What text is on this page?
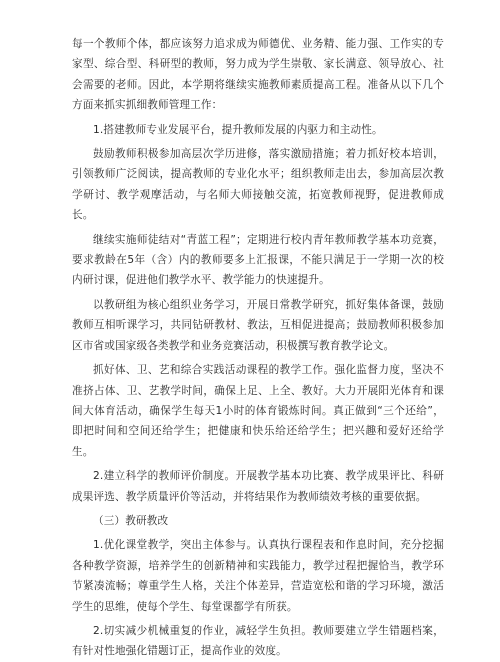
每一个教师个体，都应该努力追求成为师德优、业务精、能力强、工作实的专家型、综合型、科研型的教师，努力成为学生崇敬、家长满意、领导放心、社会需要的老师。因此，本学期将继续实施教师素质提高工程。准备从以下几个方面来抓实抓细教师管理工作：

1.搭建教师专业发展平台，提升教师发展的内驱力和主动性。

鼓励教师积极参加高层次学历进修，落实激励措施；着力抓好校本培训，引领教师广泛阅读，提高教师的专业化水平；组织教师走出去，参加高层次教学研讨、教学观摩活动，与名师大师接触交流，拓宽教师视野，促进教师成长。

继续实施师徒结对“青蓝工程”；定期进行校内青年教师教学基本功竞赛，要求教龄在5年（含）内的教师要多上汇报课，不能只满足于一学期一次的校内研讨课，促进他们教学水平、教学能力的快速提升。

以教研组为核心组织业务学习，开展日常教学研究，抓好集体备课，鼓励教师互相听课学习，共同钻研教材、教法，互相促进提高；鼓励教师积极参加区市省或国家级各类教学和业务竞赛活动，积极撰写教育教学论文。

抓好体、卫、艺和综合实践活动课程的教学工作。强化监督力度，坚决不准挤占体、卫、艺教学时间，确保上足、上全、教好。大力开展阳光体育和课间大体育活动，确保学生每天1小时的体育锻炼时间。真正做到“三个还给”，即把时间和空间还给学生；把健康和快乐给还给学生；把兴趣和爱好还给学生。

2.建立科学的教师评价制度。开展教学基本功比赛、教学成果评比、科研成果评选、教学质量评价等活动，并将结果作为教师绩效考核的重要依据。

（三）教研教改

1.优化课堂教学，突出主体参与。认真执行课程表和作息时间，充分挖掘各种教学资源，培养学生的创新精神和实践能力，教学过程把握恰当，教学环节紧凑流畅；尊重学生人格，关注个体差异，营造宽松和谐的学习环境，激活学生的思维，使每个学生、每堂课都学有所获。

2.切实减少机械重复的作业，减轻学生负担。教师要建立学生错题档案，有针对性地强化错题订正，提高作业的效度。
